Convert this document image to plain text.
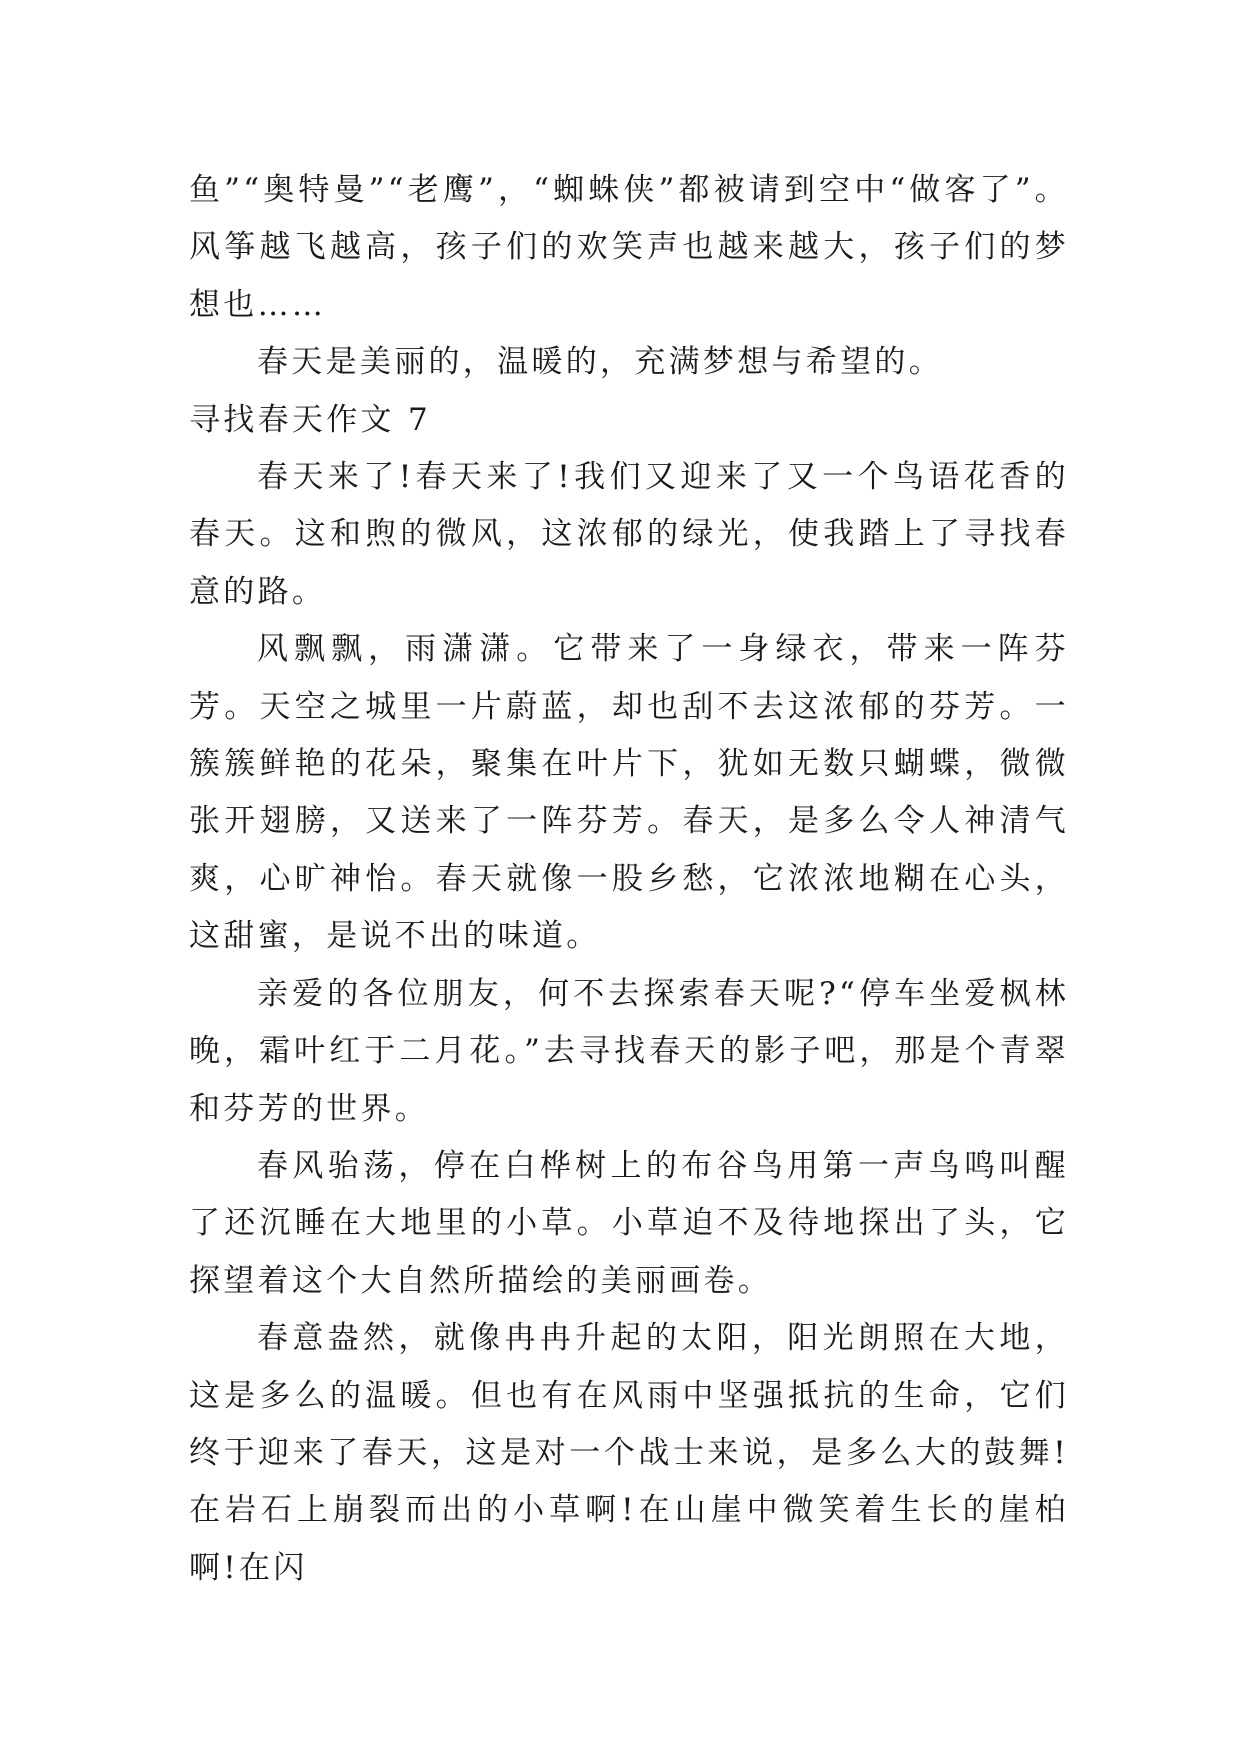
鱼”“奥特曼”“老鹰”，“蜘蛛侠”都被请到空中“做客了”。风筝越飞越高，孩子们的欢笑声也越来越大，孩子们的梦想也……

春天是美丽的，温暖的，充满梦想与希望的。

寻找春天作文 7

春天来了!春天来了!我们又迎来了又一个鸟语花香的春天。这和煦的微风，这浓郁的绿光，使我踏上了寻找春意的路。

风飘飘，雨潇潇。它带来了一身绿衣，带来一阵芬芳。天空之城里一片蔚蓝，却也刮不去这浓郁的芬芳。一簇簇鲜艳的花朵，聚集在叶片下，犹如无数只蝴蝶，微微张开翅膀，又送来了一阵芬芳。春天，是多么令人神清气爽，心旷神怡。春天就像一股乡愁，它浓浓地糊在心头，这甜蜜，是说不出的味道。

亲爱的各位朋友，何不去探索春天呢?“停车坐爱枫林晚，霜叶红于二月花。”去寻找春天的影子吧，那是个青翠和芬芳的世界。

春风骀荡，停在白桦树上的布谷鸟用第一声鸟鸣叫醒了还沉睡在大地里的小草。小草迫不及待地探出了头，它探望着这个大自然所描绘的美丽画卷。

春意盎然，就像冉冉升起的太阳，阳光朗照在大地，这是多么的温暖。但也有在风雨中坚强抵抗的生命，它们终于迎来了春天，这是对一个战士来说，是多么大的鼓舞!在岩石上崩裂而出的小草啊!在山崖中微笑着生长的崖柏啊!在闪
